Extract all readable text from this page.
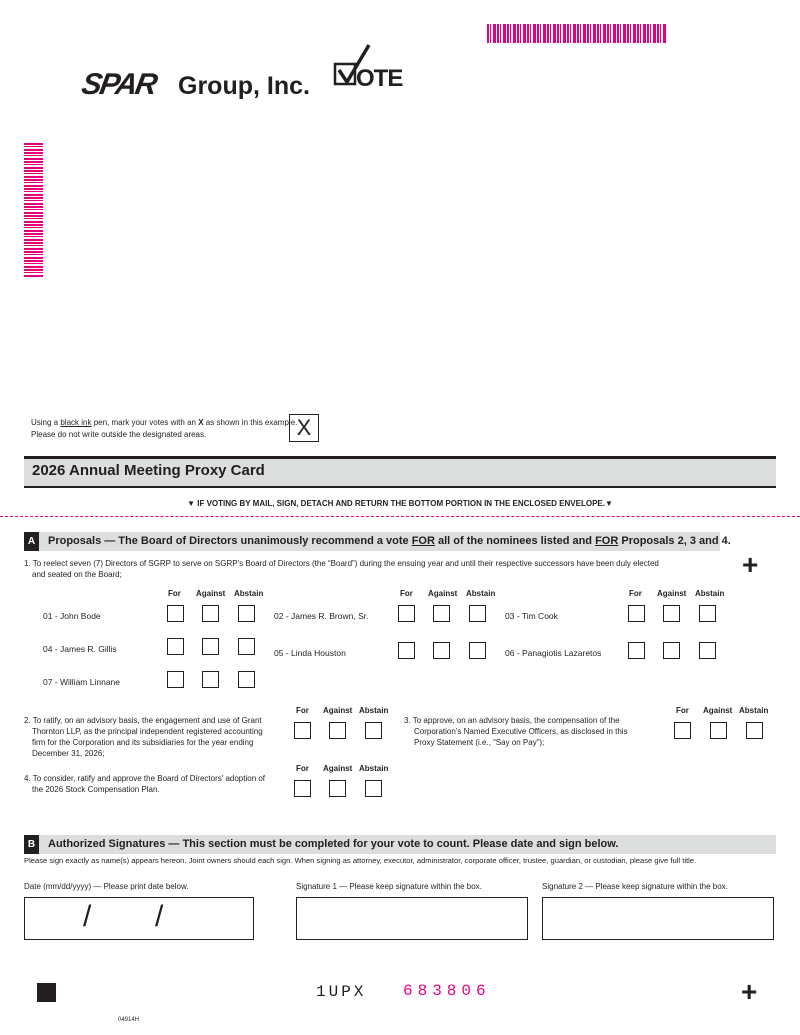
SPAR Group, Inc. OTE
Using a black ink pen, mark your votes with an X as shown in this example.
Please do not write outside the designated areas.	X
2026 Annual Meeting Proxy Card
▼ IF VOTING BY MAIL, SIGN, DETACH AND RETURN THE BOTTOM PORTION IN THE ENCLOSED ENVELOPE.▼
A	Proposals — The Board of Directors unanimously recommend a vote FOR all of the nominees listed and FOR Proposals 2, 3 and 4.
+
1. To reelect seven (7) Directors of SGRP to serve on SGRP's Board of Directors (the “Board”) during the ensuing year and until their respective successors have been duly elected
and seated on the Board;
For Against Abstain	For Against Abstain	For Against Abstain
01 - John Bode	02 - James R. Brown, Sr.	03 - Tim Cook
04 - James R. Gillis	05 - Linda Houston	06 - Panagiotis Lazaretos
07 - William Linnane
2. To ratify, on an advisory basis, the engagement and use of Grant
Thornton LLP, as the principal independent registered accounting
firm for the Corporation and its subsidiaries for the year ending
December 31, 2026;
For Against Abstain
3. To approve, on an advisory basis, the compensation of the
Corporation’s Named Executive Officers, as disclosed in this
Proxy Statement (i.e., “Say on Pay”);
For Against Abstain
4. To consider, ratify and approve the Board of Directors’ adoption of
the 2026 Stock Compensation Plan.
For Against Abstain
B	Authorized Signatures — This section must be completed for your vote to count. Please date and sign below.
Please sign exactly as name(s) appears hereon. Joint owners should each sign. When signing as attorney, executor, administrator, corporate officer, trustee, guardian, or custodian, please give full title.
Date (mm/dd/yyyy) — Please print date below.	Signature 1 — Please keep signature within the box.	Signature 2 — Please keep signature within the box.
/ /
1UPX 683806	+
04914H
